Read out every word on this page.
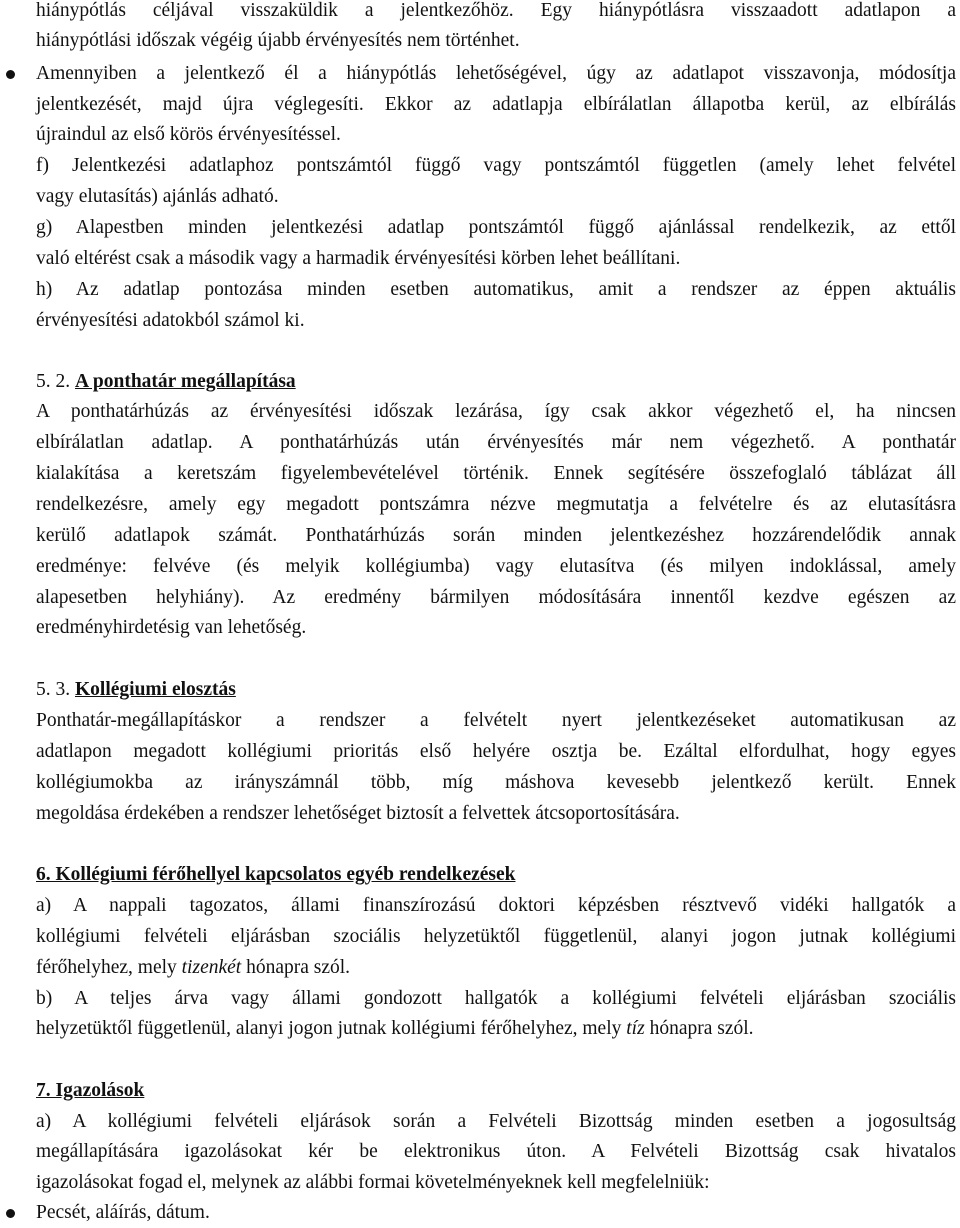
hiánypótlás céljával visszaküldik a jelentkezőhöz. Egy hiánypótlásra visszaadott adatlapon a

hiánypótlási időszak végéig újabb érvényesítés nem történhet.

Amennyiben a jelentkező él a hiánypótlás lehetőségével, úgy az adatlapot visszavonja, módosítja

jelentkezését, majd újra véglegesíti. Ekkor az adatlapja elbírálatlan állapotba kerül, az elbírálás

újraindul az első körös érvényesítéssel.

f) Jelentkezési adatlaphoz pontszámtól függő vagy pontszámtól független (amely lehet felvétel

vagy elutasítás) ajánlás adható.

g) Alapestben minden jelentkezési adatlap pontszámtól függő ajánlással rendelkezik, az ettől

való eltérést csak a második vagy a harmadik érvényesítési körben lehet beállítani.

h) Az adatlap pontozása minden esetben automatikus, amit a rendszer az éppen aktuális

érvényesítési adatokból számol ki.

5. 2. A ponthatár megállapítása

A ponthatárhúzás az érvényesítési időszak lezárása, így csak akkor végezhető el, ha nincsen

elbírálatlan adatlap. A ponthatárhúzás után érvényesítés már nem végezhető. A ponthatár

kialakítása a keretszám figyelembevételével történik. Ennek segítésére összefoglaló táblázat áll

rendelkezésre, amely egy megadott pontszámra nézve megmutatja a felvételre és az elutasításra

kerülő adatlapok számát. Ponthatárhúzás során minden jelentkezéshez hozzárendelődik annak

eredménye: felvéve (és melyik kollégiumba) vagy elutasítva (és milyen indoklással, amely

alapesetben helyhiány). Az eredmény bármilyen módosítására innentől kezdve egészen az

eredményhirdetésig van lehetőség.

5. 3. Kollégiumi elosztás

Ponthatár-megállapításkor a rendszer a felvételt nyert jelentkezéseket automatikusan az

adatlapon megadott kollégiumi prioritás első helyére osztja be. Ezáltal elfordulhat, hogy egyes

kollégiumokba az irányszámnál több, míg máshova kevesebb jelentkező került. Ennek

megoldása érdekében a rendszer lehetőséget biztosít a felvettek átcsoportosítására.

6. Kollégiumi férőhellyel kapcsolatos egyéb rendelkezések

a) A nappali tagozatos, állami finanszírozású doktori képzésben résztvevő vidéki hallgatók a

kollégiumi felvételi eljárásban szociális helyzetüktől függetlenül, alanyi jogon jutnak kollégiumi

férőhelyhez, mely tizenkét hónapra szól.

b) A teljes árva vagy állami gondozott hallgatók a kollégiumi felvételi eljárásban szociális

helyzetüktől függetlenül, alanyi jogon jutnak kollégiumi férőhelyhez, mely tíz hónapra szól.

7. Igazolások

a) A kollégiumi felvételi eljárások során a Felvételi Bizottság minden esetben a jogosultság

megállapítására igazolásokat kér be elektronikus úton. A Felvételi Bizottság csak hivatalos

igazolásokat fogad el, melynek az alábbi formai követelményeknek kell megfelelniük:

Pecsét, aláírás, dátum.
